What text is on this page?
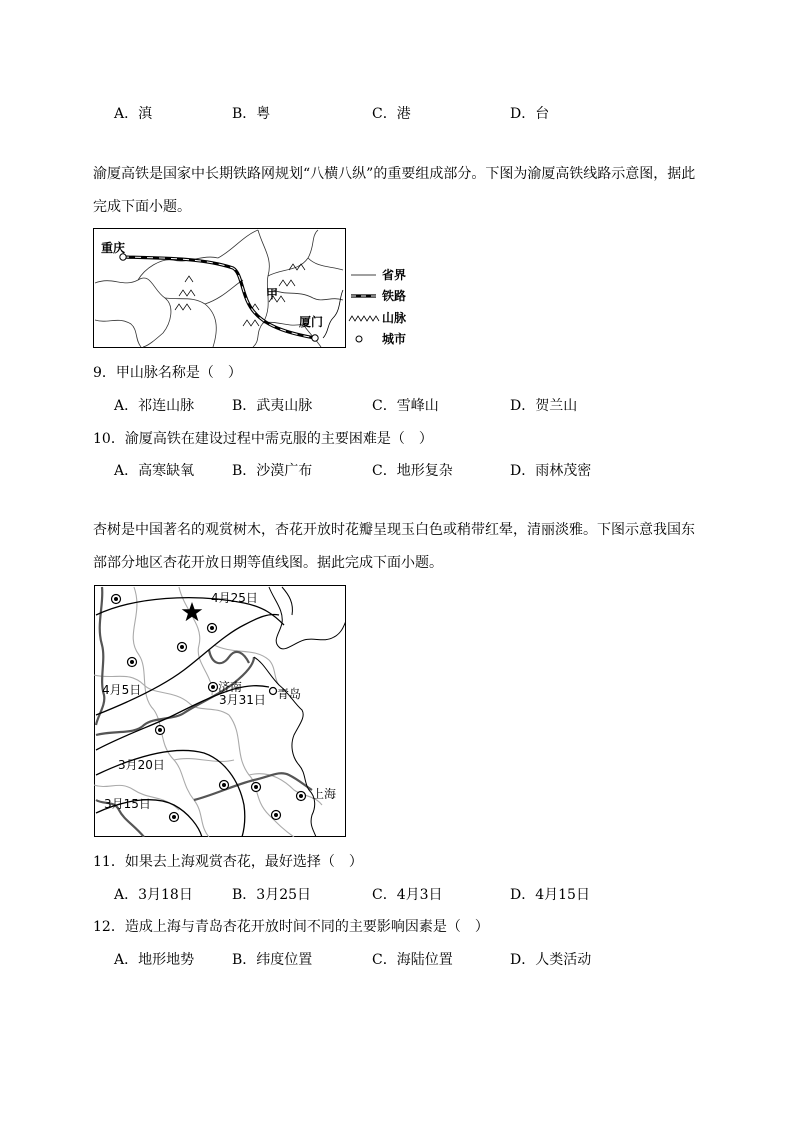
A．滇	B．粤	C．港	D．台
渝厦高铁是国家中长期铁路网规划“八横八纵”的重要组成部分。下图为渝厦高铁线路示意图，据此完成下面小题。
重庆
厦门
甲
省界
铁路
山脉
城市
9．甲山脉名称是（　）
A．祁连山脉	B．武夷山脉	C．雪峰山	D．贺兰山
10．渝厦高铁在建设过程中需克服的主要困难是（　）
A．高寒缺氧	B．沙漠广布	C．地形复杂	D．雨林茂密
杏树是中国著名的观赏树木，杏花开放时花瓣呈现玉白色或稍带红晕，清丽淡雅。下图示意我国东部部分地区杏花开放日期等值线图。据此完成下面小题。
4月25日
4月5日
3月31日
3月20日
3月15日
济南	青岛
上海
11．如果去上海观赏杏花，最好选择（　）
A．3月18日	B．3月25日	C．4月3日	D．4月15日
12．造成上海与青岛杏花开放时间不同的主要影响因素是（　）
A．地形地势	B．纬度位置	C．海陆位置	D．人类活动
